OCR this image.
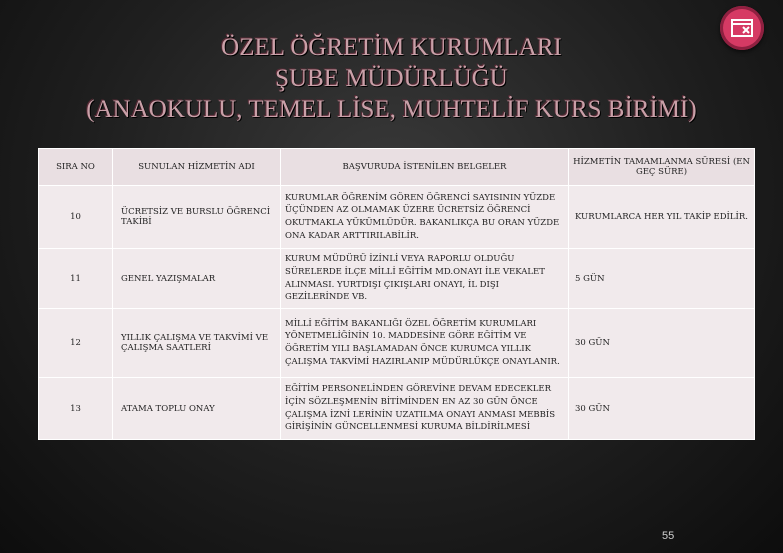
ÖZEL ÖĞRETİM KURUMLARI
ŞUBE MÜDÜRLÜĞÜ
(ANAOKULU, TEMEL LİSE, MUHTELİF KURS BİRİMİ)
SIRA NO	SUNULAN HİZMETİN ADI	BAŞVURUDA İSTENİLEN BELGELER	HİZMETİN TAMAMLANMA SÜRESİ (EN GEÇ SÜRE)
10	ÜCRETSİZ VE BURSLU ÖĞRENCİ TAKİBİ	KURUMLAR ÖĞRENİM GÖREN ÖĞRENCİ SAYISININ YÜZDE ÜÇÜNDEN AZ OLMAMAK ÜZERE ÜCRETSİZ ÖĞRENCİ OKUTMAKLA YÜKÜMLÜDÜR. BAKANLIKÇA BU ORAN YÜZDE ONA KADAR ARTTIRILABİLİR.	KURUMLARCA HER YIL TAKİP EDİLİR.
11	GENEL YAZIŞMALAR	KURUM MÜDÜRÜ İZİNLİ VEYA RAPORLU OLDUĞU SÜRELERDE İLÇE MİLLİ EĞİTİM MD.ONAYI İLE VEKALET ALINMASI. YURTDIŞI ÇIKIŞLARI ONAYI, İL DIŞI GEZİLERİNDE VB.	5 GÜN
12	YILLIK ÇALIŞMA VE TAKVİMİ VE ÇALIŞMA SAATLERİ	MİLLİ EĞİTİM BAKANLIĞI ÖZEL ÖĞRETİM KURUMLARI YÖNETMELİĞİNİN 10. MADDESİNE GÖRE EĞİTİM VE ÖĞRETİM YILI BAŞLAMADAN ÖNCE KURUMCA YILLIK ÇALIŞMA TAKVİMİ HAZIRLANIP MÜDÜRLÜKÇE ONAYLANIR.	30 GÜN
13	ATAMA TOPLU ONAY	EĞİTİM PERSONELİNDEN GÖREVİNE DEVAM EDECEKLER İÇİN SÖZLEŞMENİN BİTİMİNDEN EN AZ 30 GÜN ÖNCE ÇALIŞMA İZNİ LERİNİN UZATILMA ONAYI ANMASI MEBBİS GİRİŞİNİN GÜNCELLENMESİ KURUMA BİLDİRİLMESİ	30 GÜN
55
